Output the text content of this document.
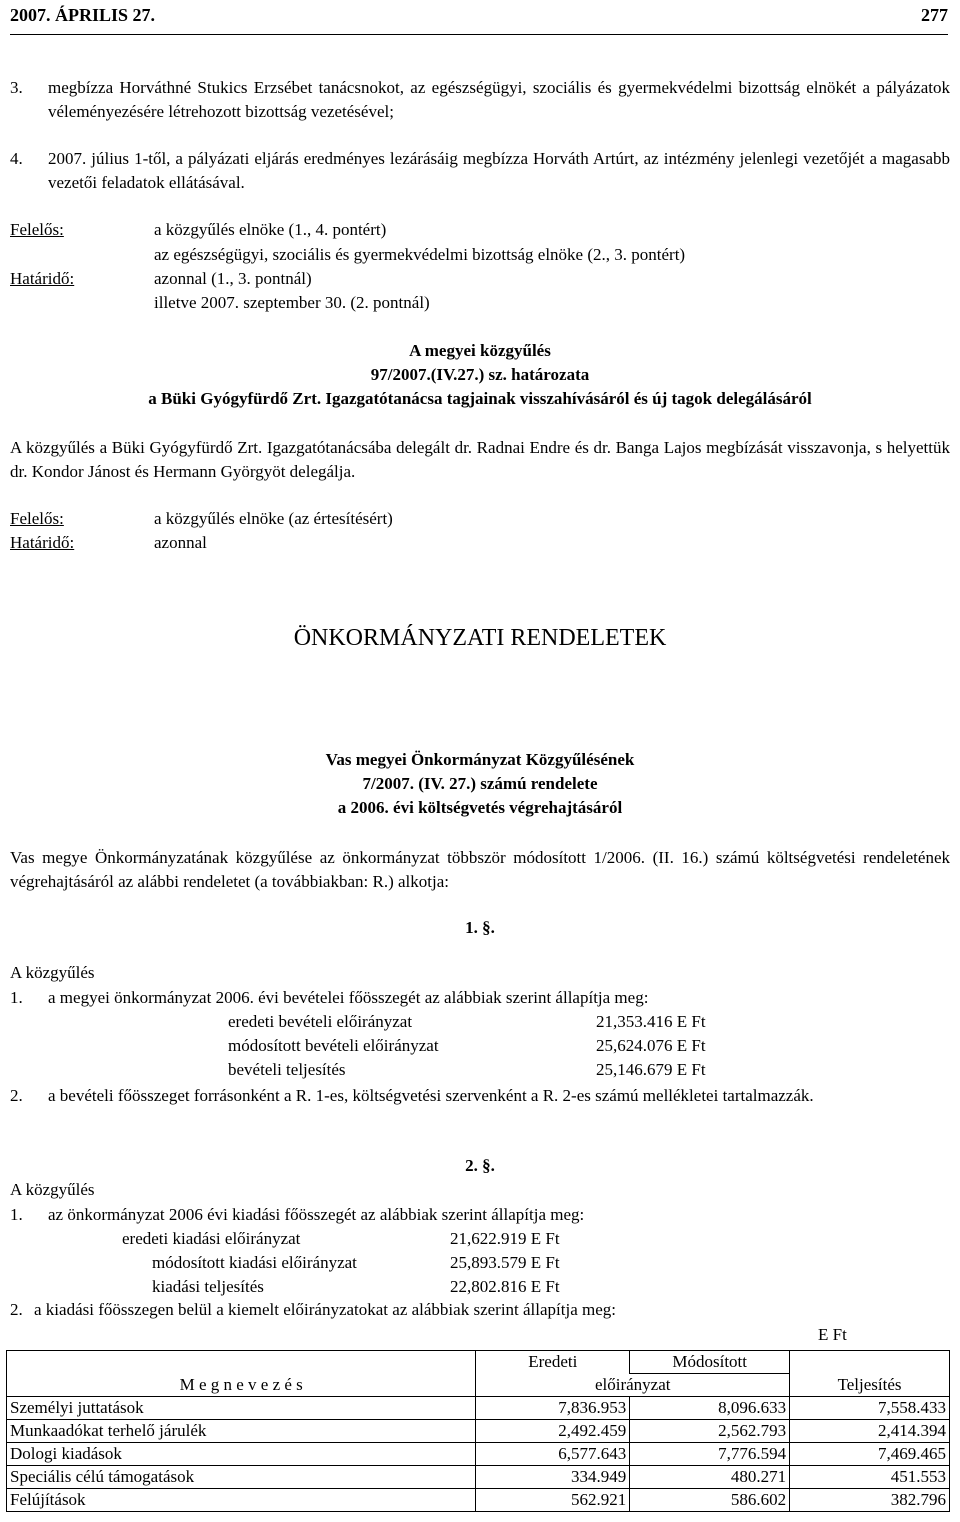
2007. ÁPRILIS 27.	277
3. megbízza Horváthné Stukics Erzsébet tanácsnokot, az egészségügyi, szociális és gyermekvédelmi bizottság elnökét a pályázatok véleményezésére létrehozott bizottság vezetésével;
4. 2007. július 1-től, a pályázati eljárás eredményes lezárásáig megbízza Horváth Artúrt, az intézmény jelenlegi vezetőjét a magasabb vezetői feladatok ellátásával.
Felelős:	a közgyűlés elnöke (1., 4. pontért)
az egészségügyi, szociális és gyermekvédelmi bizottság elnöke (2., 3. pontért)
Határidő:	azonnal (1., 3. pontnál)
illetve 2007. szeptember 30. (2. pontnál)
A megyei közgyűlés
97/2007.(IV.27.) sz. határozata
a Büki Gyógyfürdő Zrt. Igazgatótanácsa tagjainak visszahívásáról és új tagok delegálásáról
A közgyűlés a Büki Gyógyfürdő Zrt. Igazgatótanácsába delegált dr. Radnai Endre és dr. Banga Lajos megbízását visszavonja, s helyettük dr. Kondor Jánost és Hermann Györgyöt delegálja.
Felelős:	a közgyűlés elnöke (az értesítésért)
Határidő:	azonnal
ÖNKORMÁNYZATI RENDELETEK
Vas megyei Önkormányzat Közgyűlésének
7/2007. (IV. 27.) számú rendelete
a 2006. évi költségvetés végrehajtásáról
Vas megye Önkormányzatának közgyűlése az önkormányzat többször módosított 1/2006. (II. 16.) számú költségvetési rendeletének végrehajtásáról az alábbi rendeletet (a továbbiakban: R.) alkotja:
1. §.
A közgyűlés
1. a megyei önkormányzat 2006. évi bevételei főösszegét az alábbiak szerint állapítja meg:
eredeti bevételi előirányzat	21,353.416 E Ft
módosított bevételi előirányzat	25,624.076 E Ft
bevételi teljesítés	25,146.679 E Ft
2. a bevételi főösszeget forrásonként a R. 1-es, költségvetési szervenként a R. 2-es számú mellékletei tartalmazzák.
2. §.
A közgyűlés
1. az önkormányzat 2006 évi kiadási főösszegét az alábbiak szerint állapítja meg:
eredeti kiadási előirányzat	21,622.919 E Ft
módosított kiadási előirányzat	25,893.579 E Ft
kiadási teljesítés	22,802.816 E Ft
2. a kiadási főösszegen belül a kiemelt előirányzatokat az alábbiak szerint állapítja meg:
E Ft
M e g n e v e z é s	Eredeti	Módosított	Teljesítés
	előirányzat		
Személyi juttatások	7,836.953	8,096.633	7,558.433
Munkaadókat terhelő járulék	2,492.459	2,562.793	2,414.394
Dologi kiadások	6,577.643	7,776.594	7,469.465
Speciális célú támogatások	334.949	480.271	451.553
Felújítások	562.921	586.602	382.796
